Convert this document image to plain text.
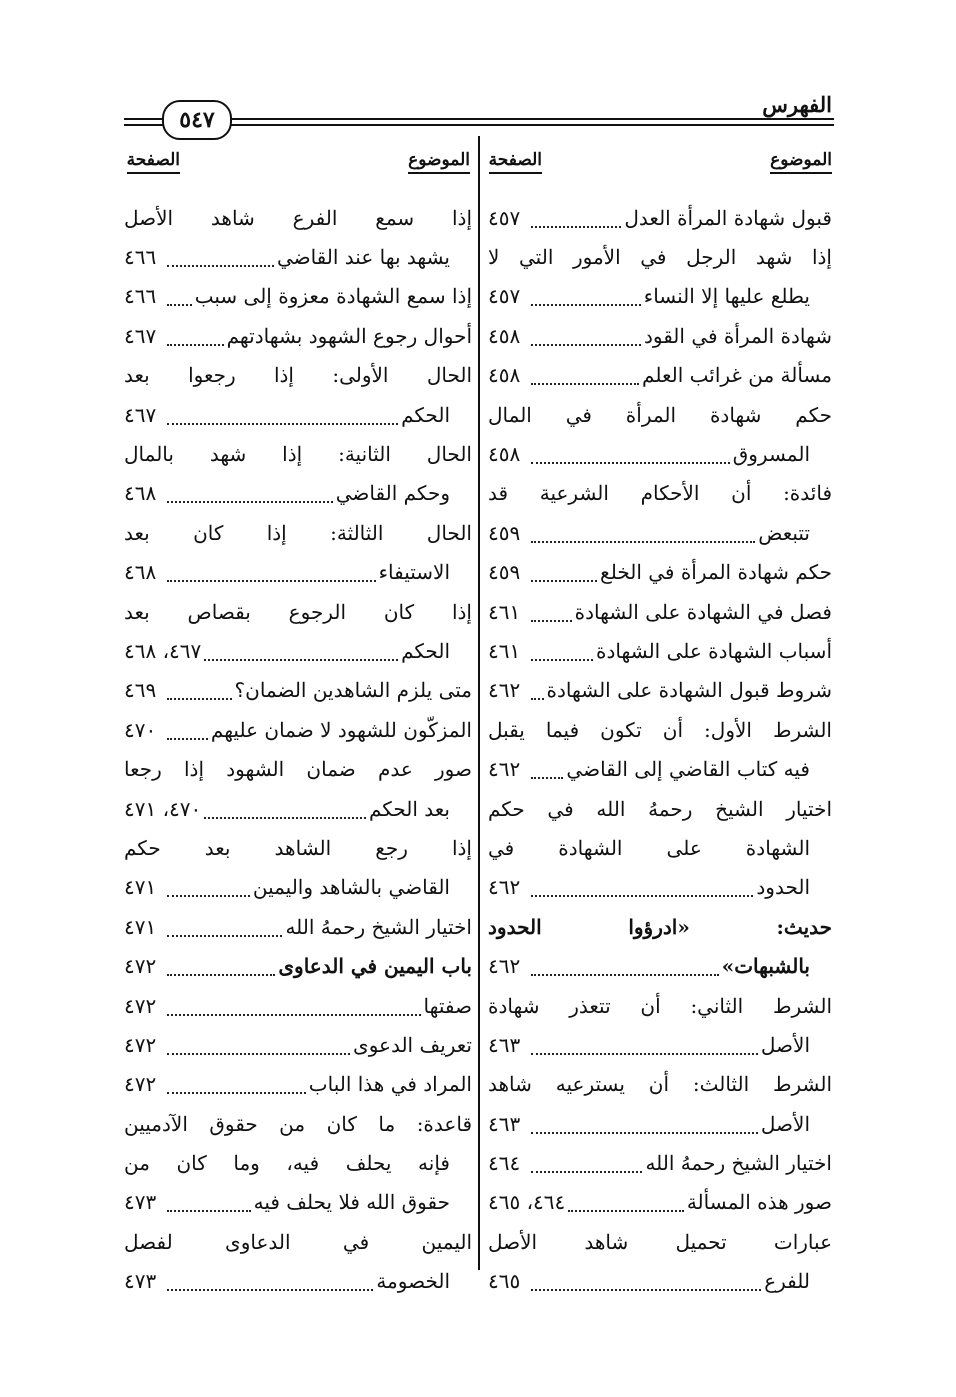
الفهرس
٥٤٧
الموضوع
الصفحة
الموضوع
الصفحة
قبول شهادة المرأة العدل
٤٥٧
إذا شهد الرجل في الأمور التي لا
يطلع عليها إلا النساء
٤٥٧
شهادة المرأة في القود
٤٥٨
مسألة من غرائب العلم
٤٥٨
حكم شهادة المرأة في المال
المسروق
٤٥٨
فائدة: أن الأحكام الشرعية قد
تتبعض
٤٥٩
حكم شهادة المرأة في الخلع
٤٥٩
فصل في الشهادة على الشهادة
٤٦١
أسباب الشهادة على الشهادة
٤٦١
شروط قبول الشهادة على الشهادة
٤٦٢
الشرط الأول: أن تكون فيما يقبل
فيه كتاب القاضي إلى القاضي
٤٦٢
اختيار الشيخ رحمهُ الله في حكم
الشهادة على الشهادة في
الحدود
٤٦٢
حديث: «ادرؤوا الحدود
بالشبهات»
٤٦٢
الشرط الثاني: أن تتعذر شهادة
الأصل
٤٦٣
الشرط الثالث: أن يسترعيه شاهد
الأصل
٤٦٣
اختيار الشيخ رحمهُ الله
٤٦٤
صور هذه المسألة
٤٦٤، ٤٦٥
عبارات تحميل شاهد الأصل
للفرع
٤٦٥
إذا سمع الفرع شاهد الأصل
يشهد بها عند القاضي
٤٦٦
إذا سمع الشهادة معزوة إلى سبب
٤٦٦
أحوال رجوع الشهود بشهادتهم
٤٦٧
الحال الأولى: إذا رجعوا بعد
الحكم
٤٦٧
الحال الثانية: إذا شهد بالمال
وحكم القاضي
٤٦٨
الحال الثالثة: إذا كان بعد
الاستيفاء
٤٦٨
إذا كان الرجوع بقصاص بعد
الحكم
٤٦٧، ٤٦٨
متى يلزم الشاهدين الضمان؟
٤٦٩
المزكّون للشهود لا ضمان عليهم
٤٧٠
صور عدم ضمان الشهود إذا رجعا
بعد الحكم
٤٧٠، ٤٧١
إذا رجع الشاهد بعد حكم
القاضي بالشاهد واليمين
٤٧١
اختيار الشيخ رحمهُ الله
٤٧١
باب اليمين في الدعاوى
٤٧٢
صفتها
٤٧٢
تعريف الدعوى
٤٧٢
المراد في هذا الباب
٤٧٢
قاعدة: ما كان من حقوق الآدميين
فإنه يحلف فيه، وما كان من
حقوق الله فلا يحلف فيه
٤٧٣
اليمين في الدعاوى لفصل
الخصومة
٤٧٣
